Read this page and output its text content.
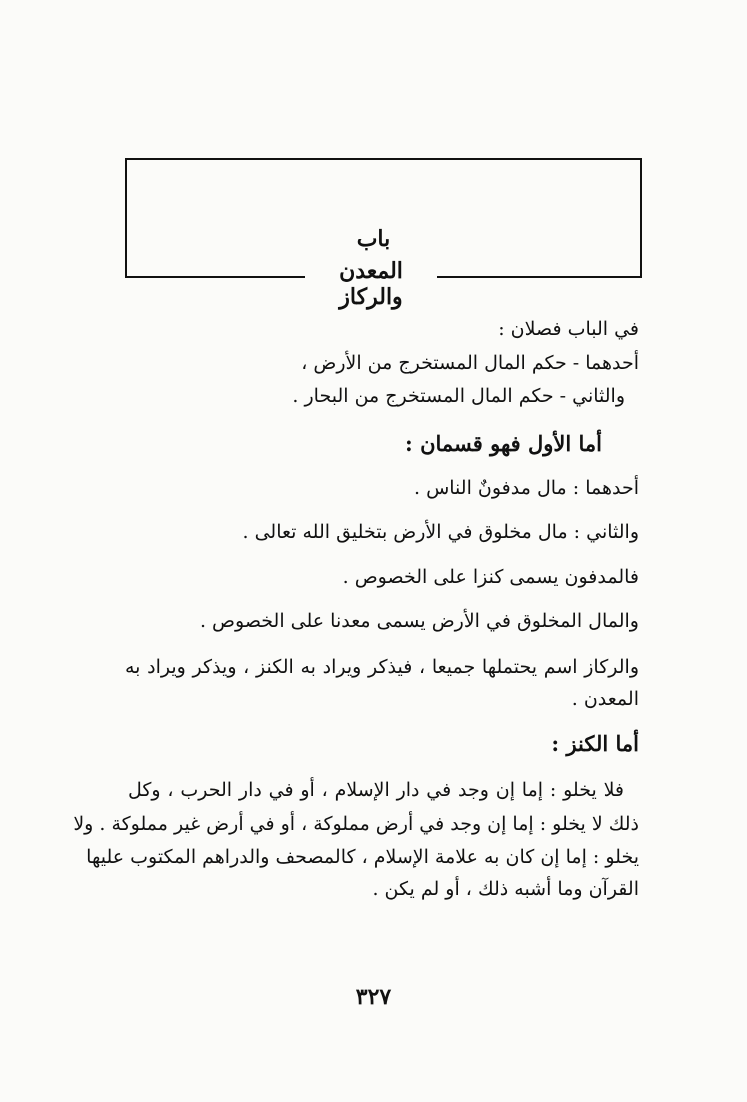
باب
المعدن والركاز
في الباب فصلان :
أحدهما - حكم المال المستخرج من الأرض ،
والثاني - حكم المال المستخرج من البحار .
أما الأول فهو قسمان :
أحدهما : مال مدفونٌ الناس .
والثاني : مال مخلوق في الأرض بتخليق الله تعالى .
فالمدفون يسمى كنزا على الخصوص .
والمال المخلوق في الأرض يسمى معدنا على الخصوص .
والركاز اسم يحتملها جميعا ، فيذكر ويراد به الكنز ، ويذكر ويراد به
المعدن .
أما الكنز :
فلا يخلو : إما إن وجد في دار الإسلام ، أو في دار الحرب ، وكل
ذلك لا يخلو : إما إن وجد في أرض مملوكة ، أو في أرض غير مملوكة . ولا
يخلو : إما إن كان به علامة الإسلام ، كالمصحف والدراهم المكتوب عليها
القرآن وما أشبه ذلك ، أو لم يكن .
٣٢٧
